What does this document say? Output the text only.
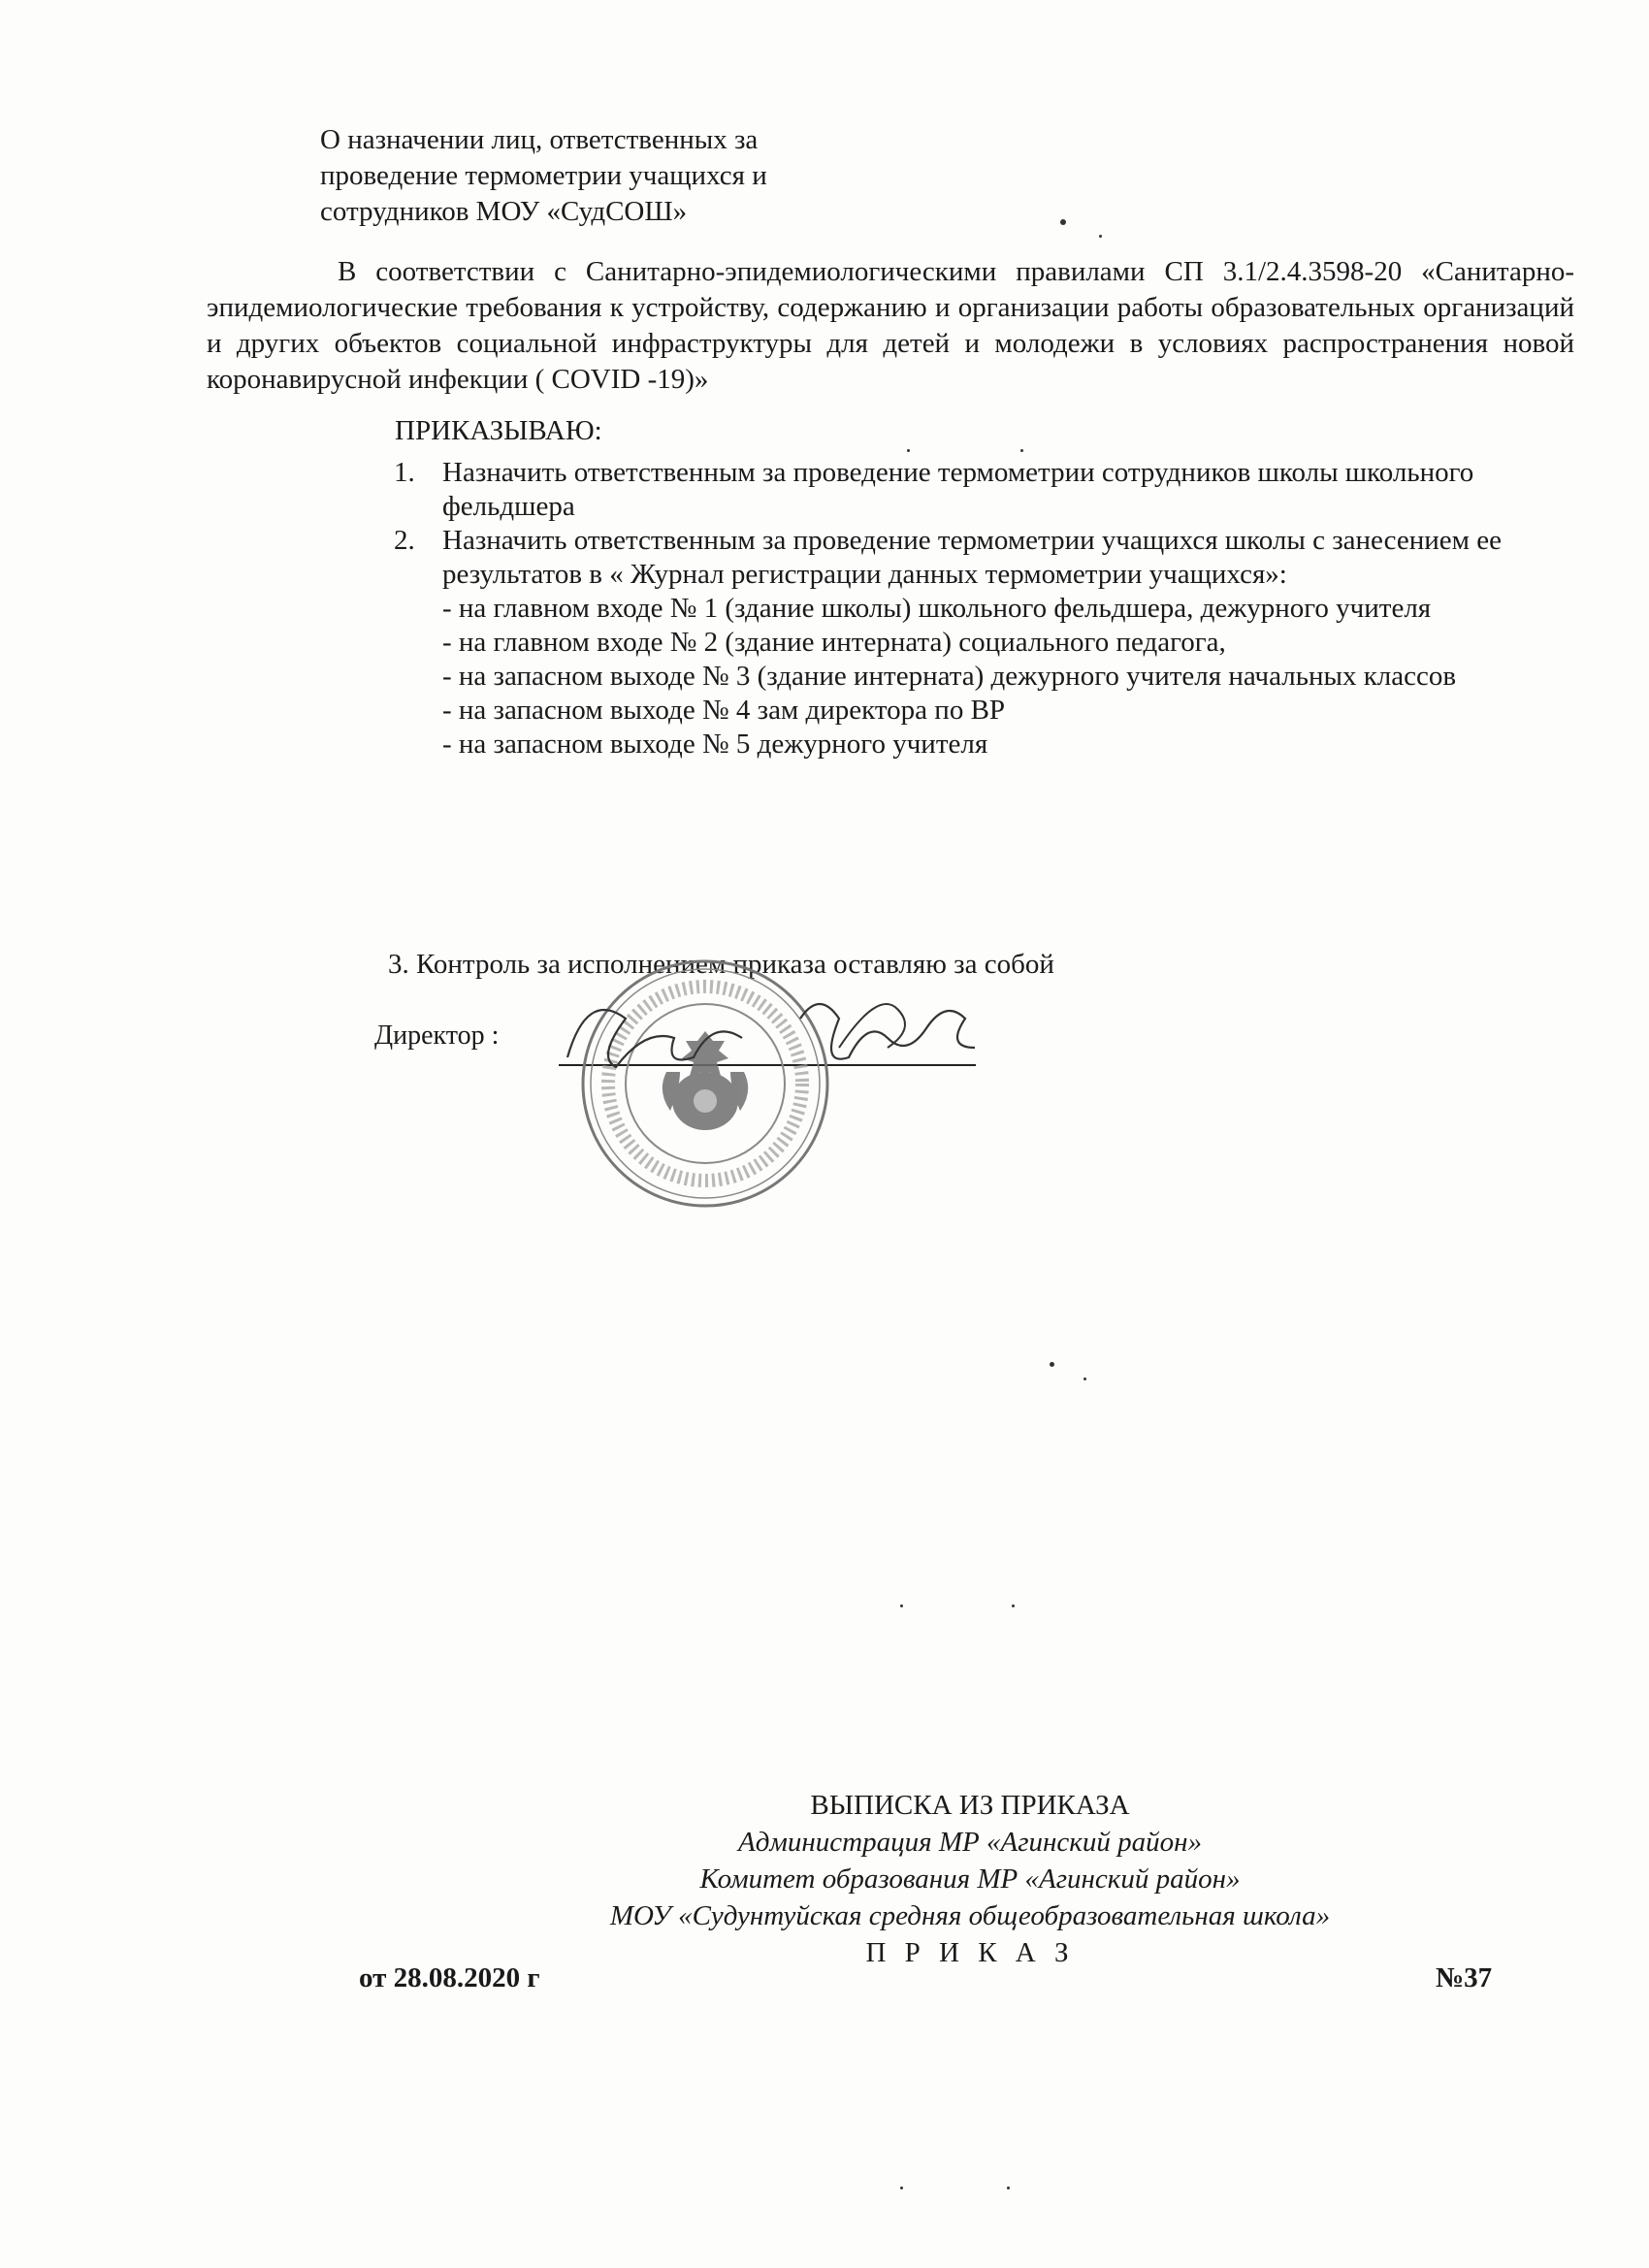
О назначении лиц, ответственных за
проведение термометрии учащихся и
сотрудников МОУ «СудСОШ»

В соответствии с Санитарно-эпидемиологическими правилами СП 3.1/2.4.3598-20 «Санитарно-эпидемиологические требования к устройству, содержанию и организации работы образовательных организаций и других объектов социальной инфраструктуры для детей и молодежи в условиях распространения новой коронавирусной инфекции ( COVID -19)»

ПРИКАЗЫВАЮ:
1. Назначить ответственным за проведение термометрии сотрудников школы школьного фельдшера
2. Назначить ответственным за проведение термометрии учащихся школы с занесением ее результатов в « Журнал регистрации данных термометрии учащихся»:
- на главном входе № 1 (здание школы) школьного фельдшера, дежурного учителя
- на главном входе № 2 (здание интерната) социального педагога,
- на запасном выходе № 3 (здание интерната) дежурного учителя начальных классов
- на запасном выходе № 4 зам директора по ВР
- на запасном выходе № 5 дежурного учителя
3. Контроль за исполнением приказа оставляю за собой
Директор :
ВЫПИСКА ИЗ ПРИКАЗА
Администрация МР «Агинский район»
Комитет образования МР «Агинский район»
МОУ «Судунтуйская средняя общеобразовательная школа»
П Р И К А З
от 28.08.2020 г	№37
